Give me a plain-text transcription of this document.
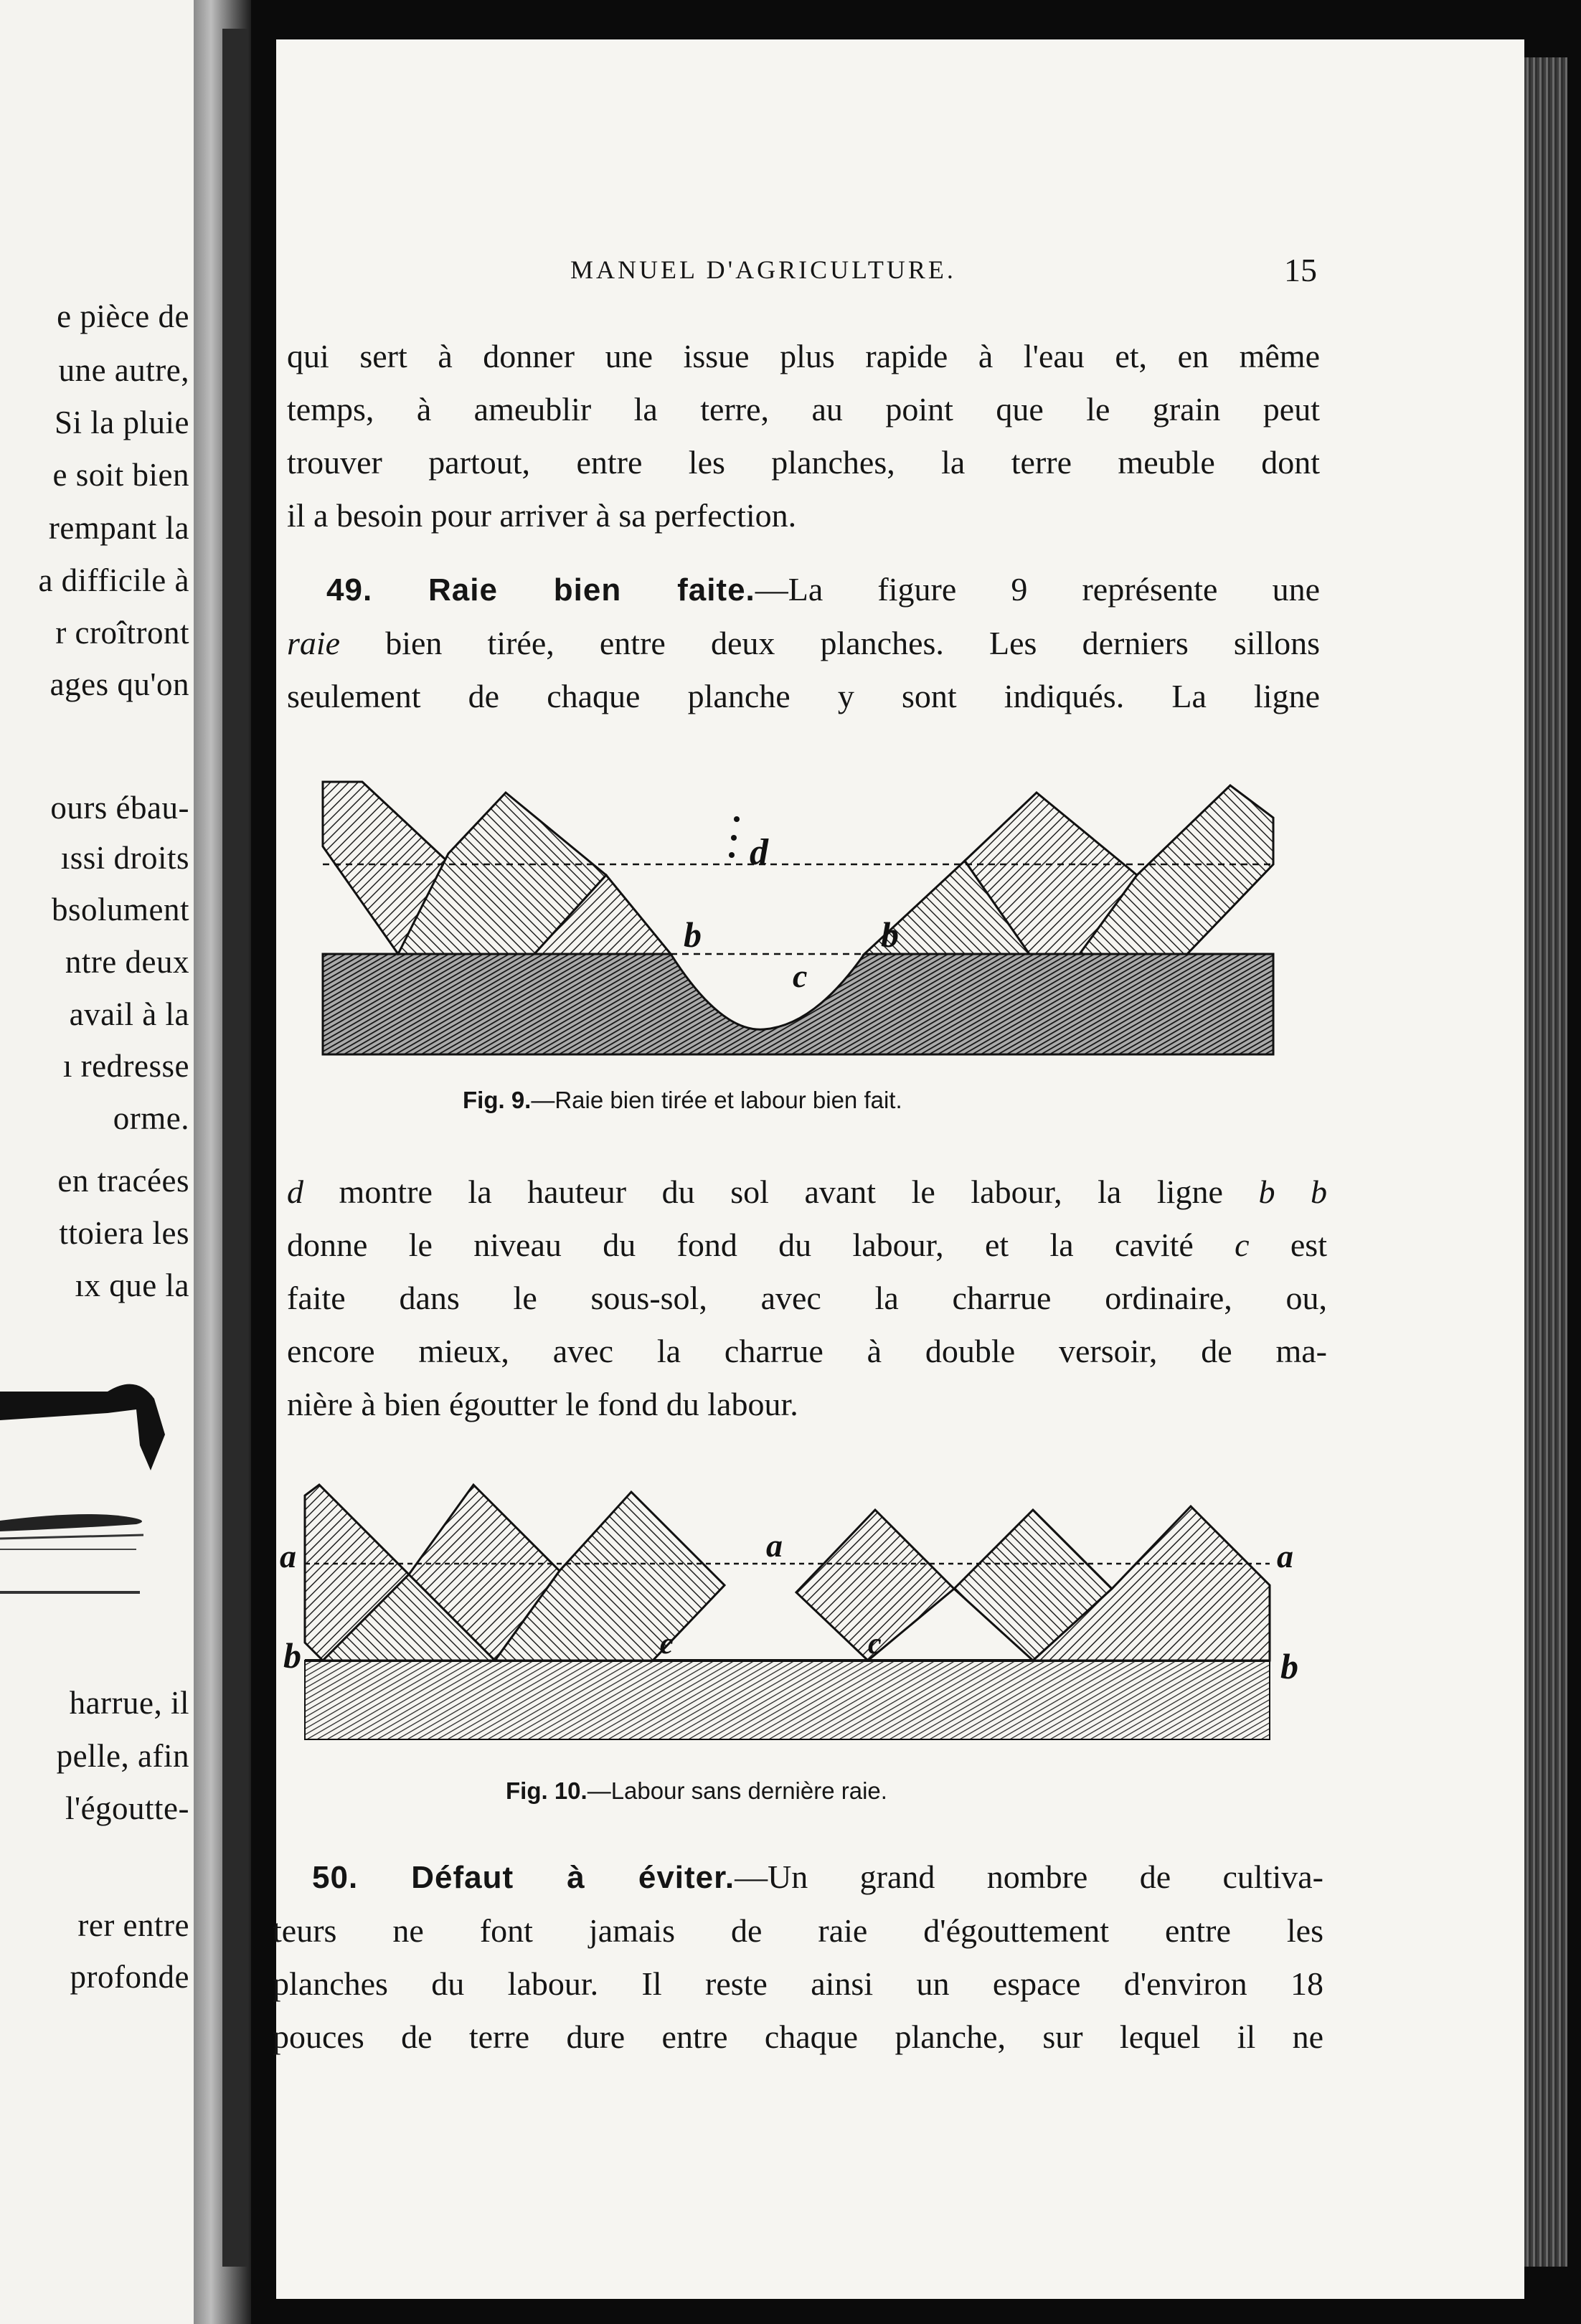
e pièce de
une autre,
Si la pluie
e soit bien
rempant la
a difficile à
r croîtront
ages qu'on
ours ébau-
ıssi droits
bsolument
ntre deux
avail à la
ı redresse
orme.
en tracées
ttoiera les
ıx que la
harrue, il
pelle, afin
l'égoutte-
rer entre
profonde
MANUEL D'AGRICULTURE.	15

qui sert à donner une issue plus rapide à l'eau et, en même

temps, à ameublir la terre, au point que le grain peut

trouver partout, entre les planches, la terre meuble dont

il a besoin pour arriver à sa perfection.

49. Raie bien faite.—La figure 9 représente une

raie bien tirée, entre deux planches. Les derniers sillons

seulement de chaque planche y sont indiqués. La ligne

d
b	b
c
Fig. 9.—Raie bien tirée et labour bien fait.

d montre la hauteur du sol avant le labour, la ligne b b

donne le niveau du fond du labour, et la cavité c est

faite dans le sous-sol, avec la charrue ordinaire, ou,

encore mieux, avec la charrue à double versoir, de ma-

nière à bien égoutter le fond du labour.

a	a	a
b	b
c	c
Fig. 10.—Labour sans dernière raie.

50. Défaut à éviter.—Un grand nombre de cultiva-

teurs ne font jamais de raie d'égouttement entre les

planches du labour. Il reste ainsi un espace d'environ 18

pouces de terre dure entre chaque planche, sur lequel il ne
